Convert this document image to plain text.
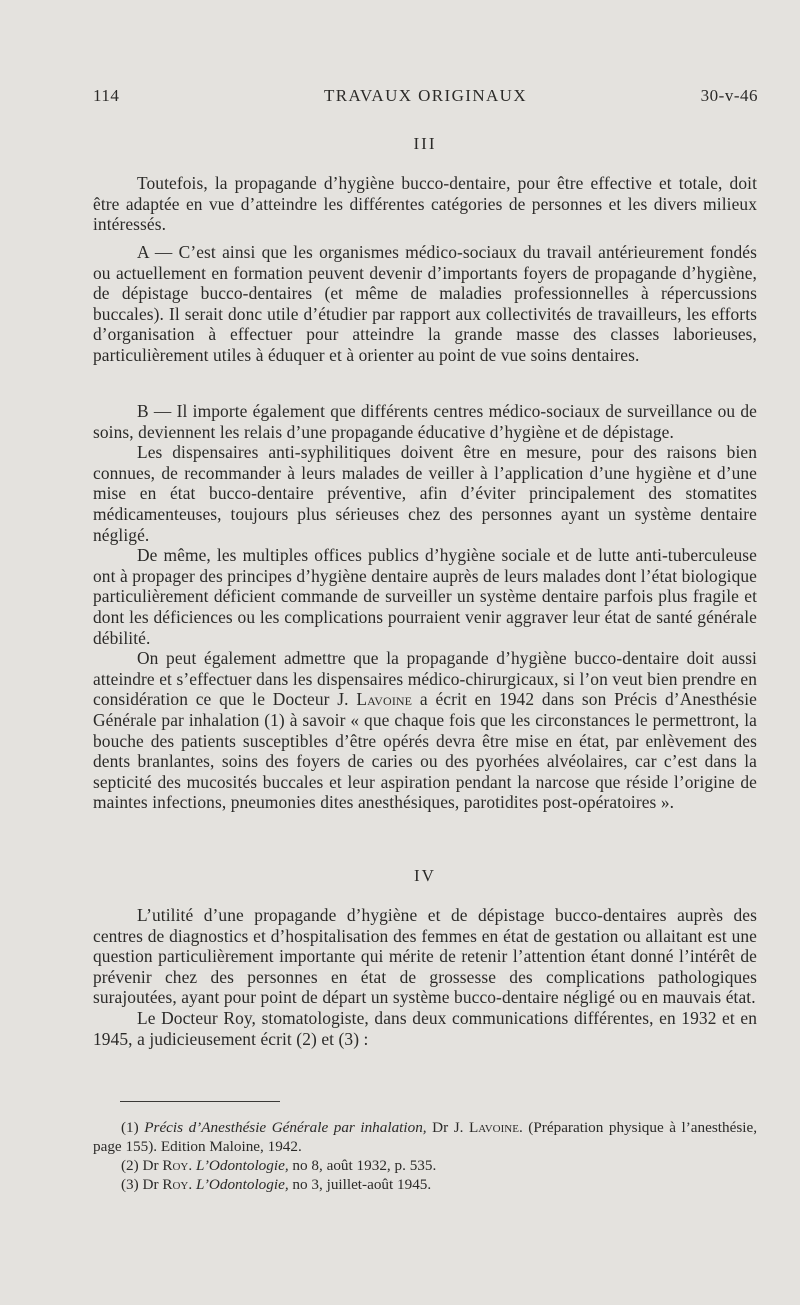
114	TRAVAUX ORIGINAUX	30-v-46
III

Toutefois, la propagande d’hygiène bucco-dentaire, pour être effective et totale, doit être adaptée en vue d’atteindre les différentes catégories de personnes et les divers milieux intéressés.

A — C’est ainsi que les organismes médico-sociaux du travail antérieurement fondés ou actuellement en formation peuvent devenir d’importants foyers de propagande d’hygiène, de dépistage bucco-dentaires (et même de maladies professionnelles à répercussions buccales). Il serait donc utile d’étudier par rapport aux collectivités de travailleurs, les efforts d’organisation à effectuer pour atteindre la grande masse des classes laborieuses, particulièrement utiles à éduquer et à orienter au point de vue soins dentaires.

B — Il importe également que différents centres médico-sociaux de surveillance ou de soins, deviennent les relais d’une propagande éducative d’hygiène et de dépistage.

Les dispensaires anti-syphilitiques doivent être en mesure, pour des raisons bien connues, de recommander à leurs malades de veiller à l’application d’une hygiène et d’une mise en état bucco-dentaire préventive, afin d’éviter principalement des stomatites médicamenteuses, toujours plus sérieuses chez des personnes ayant un système dentaire négligé.

De même, les multiples offices publics d’hygiène sociale et de lutte anti-tuberculeuse ont à propager des principes d’hygiène dentaire auprès de leurs malades dont l’état biologique particulièrement déficient commande de surveiller un système dentaire parfois plus fragile et dont les déficiences ou les complications pourraient venir aggraver leur état de santé générale débilité.

On peut également admettre que la propagande d’hygiène bucco-dentaire doit aussi atteindre et s’effectuer dans les dispensaires médico-chirurgicaux, si l’on veut bien prendre en considération ce que le Docteur J. Lavoine a écrit en 1942 dans son Précis d’Anesthésie Générale par inhalation (1) à savoir « que chaque fois que les circonstances le permettront, la bouche des patients susceptibles d’être opérés devra être mise en état, par enlèvement des dents branlantes, soins des foyers de caries ou des pyorhées alvéolaires, car c’est dans la septicité des mucosités buccales et leur aspiration pendant la narcose que réside l’origine de maintes infections, pneumonies dites anesthésiques, parotidites post-opératoires ».

IV

L’utilité d’une propagande d’hygiène et de dépistage bucco-dentaires auprès des centres de diagnostics et d’hospitalisation des femmes en état de gestation ou allaitant est une question particulièrement importante qui mérite de retenir l’attention étant donné l’intérêt de prévenir chez des personnes en état de grossesse des complications pathologiques surajoutées, ayant pour point de départ un système bucco-dentaire négligé ou en mauvais état.

Le Docteur Roy, stomatologiste, dans deux communications différentes, en 1932 et en 1945, a judicieusement écrit (2) et (3) :

(1) Précis d’Anesthésie Générale par inhalation, Dr J. Lavoine. (Préparation physique à l’anesthésie, page 155). Edition Maloine, 1942.

(2) Dr Roy. L’Odontologie, no 8, août 1932, p. 535.

(3) Dr Roy. L’Odontologie, no 3, juillet-août 1945.
